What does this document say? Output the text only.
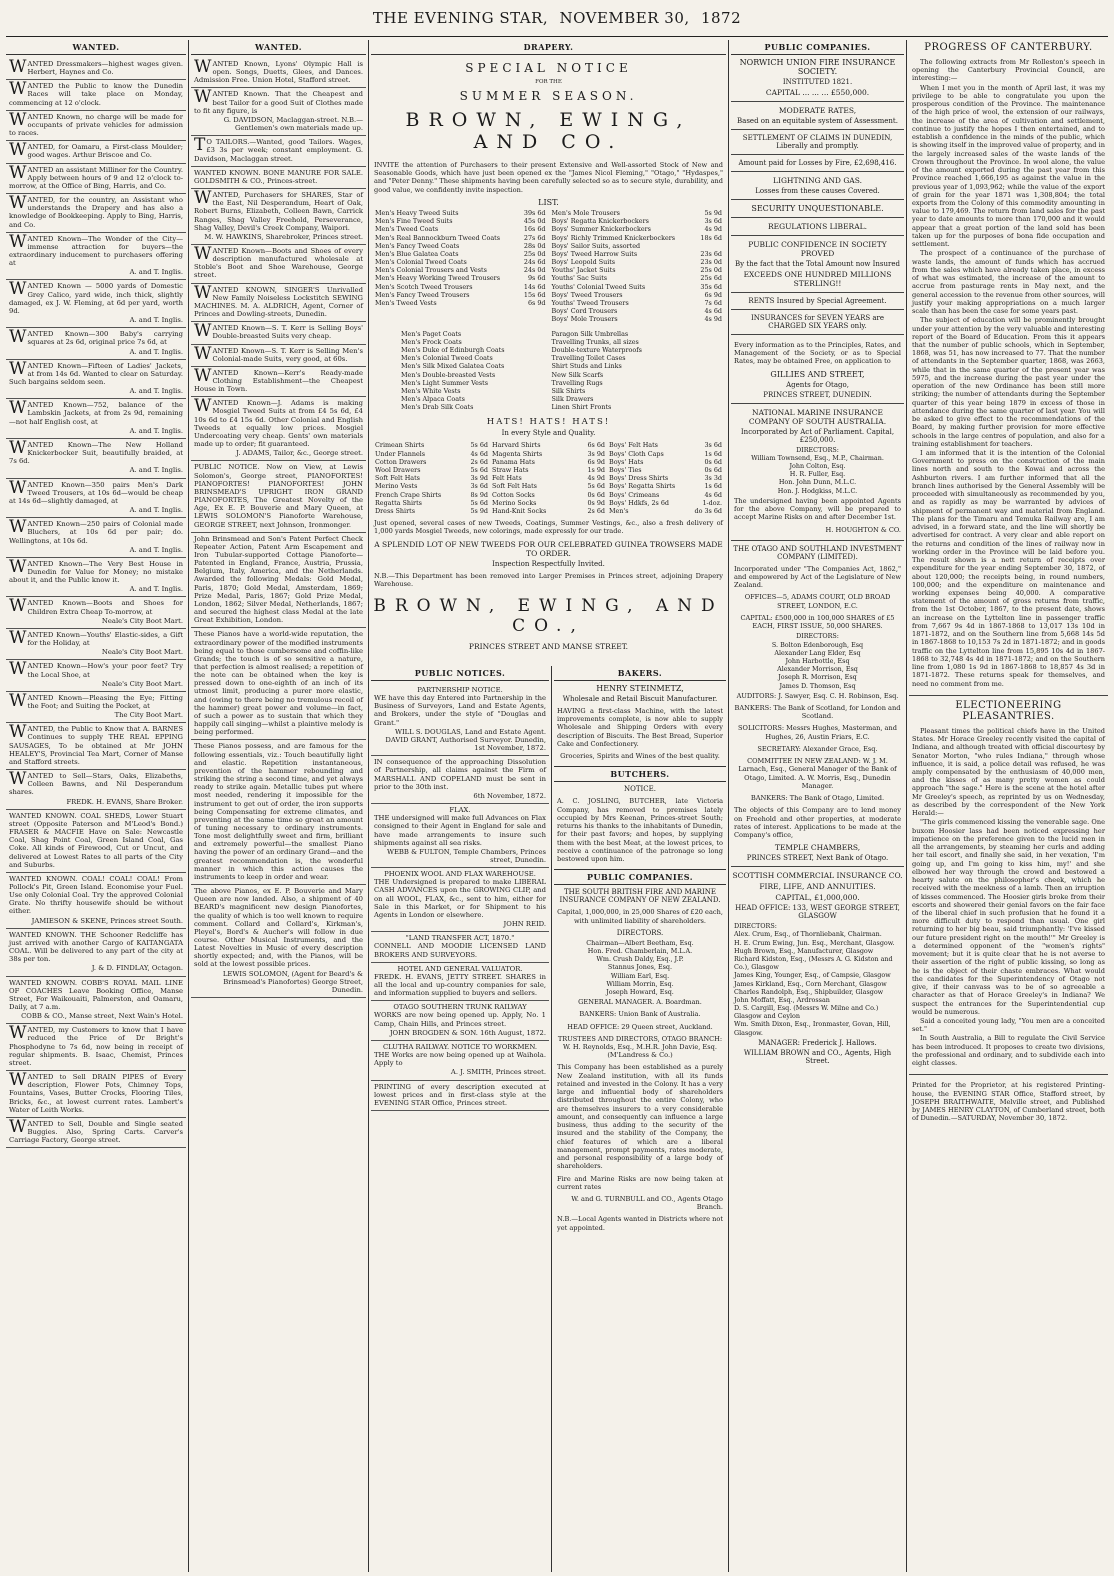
THE EVENING STAR, NOVEMBER 30, 1872
WANTED.
WANTED Dressmakers—highest wages given. Herbert, Haynes and Co.
WANTED the Public to know the Dunedin Races will take place on Monday, commencing at 12 o'clock.
WANTED Known, no charge will be made for occupants of private vehicles for admission to races.
WANTED, for Oamaru, a First-class Moulder; good wages. Arthur Briscoe and Co.
WANTED an assistant Milliner for the Country. Apply between hours of 9 and 12 o'clock to-morrow, at the Office of Bing, Harris, and Co.
WANTED, for the country, an Assistant who understands the Drapery and has also a knowledge of Bookkeeping. Apply to Bing, Harris, and Co.
WANTED Known—The Wonder of the City—immense attraction for buyers—the extraordinary inducement to purchasers offering at
A. and T. Inglis.
WANTED Known — 5000 yards of Domestic Grey Calico, yard wide, inch thick, slightly damaged, ex J. W. Fleming, at 6d per yard, worth 9d.
A. and T. Inglis.
WANTED Known—300 Baby's carrying squares at 2s 6d, original price 7s 6d, at
A. and T. Inglis.
WANTED Known—Fifteen of Ladies' Jackets, at from 14s 6d. Wanted to clear on Saturday. Such bargains seldom seen.
A. and T. Inglis.
WANTED Known—752, balance of the Lambskin Jackets, at from 2s 9d, remaining—not half English cost, at
A. and T. Inglis.
WANTED Known—The New Holland Knickerbocker Suit, beautifully braided, at 7s 6d.
A. and T. Inglis.
WANTED Known—350 pairs Men's Dark Tweed Trousers, at 10s 6d—would be cheap at 14s 6d—slightly damaged, at
A. and T. Inglis.
WANTED Known—250 pairs of Colonial made Bluchers, at 10s 6d per pair; do. Wellingtons, at 10s 6d.
A. and T. Inglis.
WANTED Known—The Very Best House in Dunedin for Value for Money; no mistake about it, and the Public know it.
A. and T. Inglis.
WANTED Known—Boots and Shoes for Children Extra Cheap To-morrow, at
Neale's City Boot Mart.
WANTED Known—Youths' Elastic-sides, a Gift for the Holiday, at
Neale's City Boot Mart.
WANTED Known—How's your poor feet? Try the Local Shoe, at
Neale's City Boot Mart.
WANTED Known—Pleasing the Eye; Fitting the Foot; and Suiting the Pocket, at
The City Boot Mart.
WANTED, the Public to Know that A. BARNES Continues to supply THE REAL EPPING SAUSAGES, To be obtained at Mr JOHN HEALEY'S, Provincial Tea Mart, Corner of Manse and Stafford streets.
WANTED to Sell—Stars, Oaks, Elizabeths, Colleen Bawns, and Nil Desperandum shares.
FREDK. H. EVANS, Share Broker.
WANTED KNOWN. COAL SHEDS, Lower Stuart street (Opposite Paterson and M'Leod's Bond.) FRASER & MACFIE Have on Sale: Newcastle Coal, Shag Point Coal, Green Island Coal, Gas Coke. All kinds of Firewood, Cut or Uncut, and delivered at Lowest Rates to all parts of the City and Suburbs.
WANTED KNOWN. COAL! COAL! COAL! From Pollock's Pit, Green Island. Economise your Fuel. Use only Colonial Coal. Try the approved Colonial Grate. No thrifty housewife should be without either.
JAMIESON & SKENE, Princes street South.
WANTED KNOWN. THE Schooner Redcliffe has just arrived with another Cargo of KAITANGATA COAL. Will be delivered to any part of the city at 38s per ton.
J. & D. FINDLAY, Octagon.
WANTED KNOWN. COBB'S ROYAL MAIL LINE OF COACHES Leave Booking Office, Manse Street, For Waikouaiti, Palmerston, and Oamaru, Daily, at 7 a.m.
COBB & CO., Manse street, Next Wain's Hotel.
WANTED, my Customers to know that I have reduced the Price of Dr Bright's Phosphodyne to 7s 6d, now being in receipt of regular shipments. B. Isaac, Chemist, Princes street.
WANTED to Sell DRAIN PIPES of Every description, Flower Pots, Chimney Tops, Fountains, Vases, Butter Crocks, Flooring Tiles, Bricks, &c., at lowest current rates. Lambert's Water of Leith Works.
WANTED to Sell, Double and Single seated Buggies. Also, Spring Carts. Carver's Carriage Factory, George street.
WANTED.
WANTED Known, Lyons' Olympic Hall is open. Songs, Duetts, Glees, and Dances. Admission Free. Union Hotel, Stafford street.
WANTED Known. That the Cheapest and best Tailor for a good Suit of Clothes made to fit any figure, is
G. DAVIDSON, Maclaggan-street. N.B.—Gentlemen's own materials made up.
T O TAILORS.—Wanted, good Tailors. Wages, £3 3s per week; constant employment. G. Davidson, Maclaggan street.
WANTED KNOWN. BONE MANURE FOR SALE. GOLDSMITH & CO., Princes-street.
WANTED, Purchasers for SHARES, Star of the East, Nil Desperandum, Heart of Oak, Robert Burns, Elizabeth, Colleen Bawn, Carrick Ranges, Shag Valley Freehold, Perseverance, Shag Valley, Devil's Creek Company, Waipori.
M. W. HAWKINS, Sharebroker, Princes street.
WANTED Known—Boots and Shoes of every description manufactured wholesale at Stoble's Boot and Shoe Warehouse, George street.
WANTED KNOWN, SINGER'S Unrivalled New Family Noiseless Lockstitch SEWING MACHINES. M. A. ALDRICH, Agent, Corner of Princes and Dowling-streets, Dunedin.
WANTED Known—S. T. Kerr is Selling Boys' Double-breasted Suits very cheap.
WANTED Known—S. T. Kerr is Selling Men's Colonial-made Suits, very good, at 60s.
WANTED Known—Kerr's Ready-made Clothing Establishment—the Cheapest House in Town.
WANTED Known—J. Adams is making Mosgiel Tweed Suits at from £4 5s 6d, £4 10s 6d to £4 15s 6d. Other Colonial and English Tweeds at equally low prices. Mosgiel Undercoating very cheap. Gents' own materials made up to order; fit guaranteed.
J. ADAMS, Tailor, &c., George street.
PUBLIC NOTICE. Now on View, at Lewis Solomon's, George street, PIANOFORTES! PIANOFORTES! PIANOFORTES! JOHN BRINSMEAD'S UPRIGHT IRON GRAND PIANOFORTES, The Greatest Novelty of the Age, Ex E. P. Bouverie and Mary Queen, at LEWIS SOLOMON'S Pianoforte Warehouse, GEORGE STREET, next Johnson, Ironmonger.
John Brinsmead and Son's Patent Perfect Check Repeater Action, Patent Arm Escapement and Iron Tubular-supported Cottage Pianoforte—Patented in England, France, Austria, Prussia, Belgium, Italy, America, and the Netherlands. Awarded the following Medals: Gold Medal, Paris, 1870; Gold Medal, Amsterdam, 1869; Prize Medal, Paris, 1867; Gold Prize Medal, London, 1862; Silver Medal, Netherlands, 1867; and secured the highest class Medal at the late Great Exhibition, London.
These Pianos have a world-wide reputation, the extraordinary power of the modified instruments being equal to those cumbersome and coffin-like Grands; the touch is of so sensitive a nature, that perfection is almost realised; a repetition of the note can be obtained when the key is pressed down to one-eighth of an inch of its utmost limit, producing a purer more elastic, and (owing to there being no tremulous recoil of the hammer) great power and volume—in fact, of such a power as to sustain that which they happily call singing—whilst a plaintive melody is being performed.
These Pianos possess, and are famous for the following essentials, viz.: Touch beautifully light and elastic. Repetition instantaneous, prevention of the hammer rebounding and striking the string a second time, and yet always ready to strike again. Metallic tubes put where most needed, rendering it impossible for the instrument to get out of order, the iron supports being Compensating for extreme climates, and preventing at the same time so great an amount of tuning necessary to ordinary instruments. Tone most delightfully sweet and firm, brilliant and extremely powerful—the smallest Piano having the power of an ordinary Grand—and the greatest recommendation is, the wonderful manner in which this action causes the instruments to keep in order and wear.
The above Pianos, ex E. P. Bouverie and Mary Queen are now landed. Also, a shipment of 40 BEARD's magnificent new design Pianofortes, the quality of which is too well known to require comment. Collard and Collard's, Kirkman's, Pleyel's, Bord's & Aucher's will follow in due course. Other Musical Instruments, and the Latest Novelties in Music of every description shortly expected; and, with the Pianos, will be sold at the lowest possible prices.
LEWIS SOLOMON, (Agent for Beard's & Brinsmead's Pianofortes) George Street, Dunedin.
DRAPERY.
SPECIAL NOTICE
FOR THE
SUMMER SEASON.
BROWN, EWING, AND CO.
INVITE the attention of Purchasers to their present Extensive and Well-assorted Stock of New and Seasonable Goods, which have just been opened ex the "James Nicol Fleming," "Otago," "Hydaspes," and "Peter Denny." These shipments having been carefully selected so as to secure style, durability, and good value, we confidently invite inspection.
LIST.
Men's Heavy Tweed Suits	39s 6d
Men's Fine Tweed Suits	45s 0d
Men's Tweed Coats	16s 6d
Men's Real Bannockburn Tweed Coats	27s 6d
Men's Fancy Tweed Coats	28s 0d
Men's Blue Galatea Coats	25s 0d
Men's Colonial Tweed Coats	24s 6d
Men's Colonial Trousers and Vests	24s 0d
Men's Heavy Working Tweed Trousers	9s 6d
Men's Scotch Tweed Trousers	14s 6d
Men's Fancy Tweed Trousers	15s 6d
Men's Tweed Vests	6s 9d
Men's Mole Trousers	5s 9d
Boys' Regatta Knickerbockers	3s 6d
Boys' Summer Knickerbockers	4s 9d
Boys' Richly Trimmed Knickerbockers	18s 6d
Boys' Sailor Suits, assorted
Boys' Tweed Harrow Suits	23s 6d
Boys' Leopold Suits	23s 0d
Youths' Jacket Suits	25s 0d
Youths' Sac Suits	25s 6d
Youths' Colonial Tweed Suits	35s 6d
Boys' Tweed Trousers	6s 9d
Youths' Tweed Trousers	7s 6d
Boys' Cord Trousers	4s 6d
Boys' Mole Trousers	4s 9d
Men's Paget Coats
Men's Frock Coats
Men's Duke of Edinburgh Coats
Men's Colonial Tweed Coats
Men's Silk Mixed Galatea Coats
Men's Double-breasted Vests
Men's Light Summer Vests
Men's White Vests
Men's Alpaca Coats
Men's Drab Silk Coats
Paragon Silk Umbrellas
Travelling Trunks, all sizes
Double-texture Waterproofs
Travelling Toilet Cases
Shirt Studs and Links
New Silk Scarfs
Travelling Rugs
Silk Shirts
Silk Drawers
Linen Shirt Fronts
HATS! HATS! HATS!
In every Style and Quality.
Crimean Shirts	5s 6d
Under Flannels	4s 6d
Cotton Drawers	2s 6d
Wool Drawers	5s 6d
Soft Felt Hats	3s 9d
Merino Vests	3s 6d
French Crape Shirts	8s 9d
Regatta Shirts	5s 6d
Dress Shirts	5s 9d
Harvard Shirts	6s 6d
Magenta Shirts	3s 9d
Panama Hats	6s 9d
Straw Hats	1s 9d
Felt Hats	4s 9d
Soft Felt Hats	5s 6d
Cotton Socks	0s 6d
Merino Socks	0s 9d
Hand-Knit Socks	2s 6d
Boys' Felt Hats	3s 6d
Boys' Cloth Caps	1s 6d
Boys' Hats	0s 6d
Boys' Ties	0s 6d
Boys' Dress Shirts	3s 3d
Boys' Regatta Shirts	1s 6d
Boys' Crimeans	4s 6d
Boys' Hdkfs, 2s 6d	1-doz.
Men's	do 3s 6d
Just opened, several cases of new Tweeds, Coatings, Summer Vestings, &c., also a fresh delivery of 1,000 yards Mosgiel Tweeds, new colorings, made expressly for our trade.
A SPLENDID LOT OF NEW TWEEDS FOR OUR CELEBRATED GUINEA TROWSERS MADE TO ORDER.
Inspection Respectfully Invited.
N.B.—This Department has been removed into Larger Premises in Princes street, adjoining Drapery Warehouse.
BROWN, EWING, AND CO.,
PRINCES STREET AND MANSE STREET.
PUBLIC NOTICES.
PARTNERSHIP NOTICE.
WE have this day Entered into Partnership in the Business of Surveyors, Land and Estate Agents, and Brokers, under the style of "Douglas and Grant."
WILL S. DOUGLAS, Land and Estate Agent. DAVID GRANT, Authorised Surveyor. Dunedin, 1st November, 1872.
IN consequence of the approaching Dissolution of Partnership, all claims against the Firm of MARSHALL AND COPELAND must be sent in prior to the 30th inst.
6th November, 1872.
FLAX.
THE undersigned will make full Advances on Flax consigned to their Agent in England for sale and have made arrangements to insure such shipments against all sea risks.
WEBB & FULTON, Temple Chambers, Princes street, Dunedin.
PHOENIX WOOL AND FLAX WAREHOUSE.
THE Undersigned is prepared to make LIBERAL CASH ADVANCES upon the GROWING CLIP, and on all WOOL, FLAX, &c., sent to him, either for Sale in this Market, or for Shipment to his Agents in London or elsewhere.
JOHN REID.
"LAND TRANSFER ACT, 1870."
CONNELL AND MOODIE LICENSED LAND BROKERS AND SURVEYORS.
HOTEL AND GENERAL VALUATOR.
FREDK. H. EVANS, JETTY STREET. SHARES in all the local and up-country companies for sale, and information supplied to buyers and sellers.
OTAGO SOUTHERN TRUNK RAILWAY
WORKS are now being opened up. Apply, No. 1 Camp, Chain Hills, and Princes street.
JOHN BROGDEN & SON. 16th August, 1872.
CLUTHA RAILWAY. NOTICE TO WORKMEN.
THE Works are now being opened up at Waihola. Apply to
A. J. SMITH, Princes street.
PRINTING of every description executed at lowest prices and in first-class style at the EVENING STAR Office, Princes street.
BAKERS.
HENRY STEINMETZ,
Wholesale and Retail Biscuit Manufacturer.
HAVING a first-class Machine, with the latest improvements complete, is now able to supply Wholesale and Shipping Orders with every description of Biscuits. The Best Bread, Superior Cake and Confectionery.
Groceries, Spirits and Wines of the best quality.
BUTCHERS.
NOTICE.
A. C. JOSLING, BUTCHER, late Victoria Company, has removed to premises lately occupied by Mrs Keenan, Princes-street South; returns his thanks to the inhabitants of Dunedin, for their past favors; and hopes, by supplying them with the best Meat, at the lowest prices, to receive a continuance of the patronage so long bestowed upon him.
PUBLIC COMPANIES.
THE SOUTH BRITISH FIRE AND MARINE INSURANCE COMPANY OF NEW ZEALAND.
Capital, 1,000,000, in 25,000 Shares of £20 each, with unlimited liability of shareholders.
DIRECTORS.
Chairman—Albert Beetham, Esq.
Hon. Fred. Chamberlain, M.L.A.
Wm. Crush Daldy, Esq., J.P.
Stannus Jones, Esq.
William Earl, Esq.
William Morrin, Esq.
Joseph Howard, Esq.
GENERAL MANAGER. A. Boardman.
BANKERS: Union Bank of Australia.
HEAD OFFICE: 29 Queen street, Auckland.
TRUSTEES AND DIRECTORS, OTAGO BRANCH: W. H. Reynolds, Esq., M.H.R. John Davie, Esq. (M'Landress & Co.)
This Company has been established as a purely New Zealand institution, with all its funds retained and invested in the Colony. It has a very large and influential body of shareholders distributed throughout the entire Colony, who are themselves insurers to a very considerable amount, and consequently can influence a large business, thus adding to the security of the insured and the stability of the Company, the chief features of which are a liberal management, prompt payments, rates moderate, and personal responsibility of a large body of shareholders.
Fire and Marine Risks are now being taken at current rates
W. and G. TURNBULL and CO., Agents Otago Branch.
N.B.—Local Agents wanted in Districts where not yet appointed.
PUBLIC COMPANIES.
NORWICH UNION FIRE INSURANCE SOCIETY.
INSTITUTED 1821.
CAPITAL ... ... ... £550,000.
MODERATE RATES,
Based on an equitable system of Assessment.
SETTLEMENT OF CLAIMS IN DUNEDIN, Liberally and promptly.
Amount paid for Losses by Fire, £2,698,416.
LIGHTNING AND GAS.
Losses from these causes Covered.
SECURITY UNQUESTIONABLE.
REGULATIONS LIBERAL.
PUBLIC CONFIDENCE IN SOCIETY PROVED
By the fact that the Total Amount now Insured
EXCEEDS ONE HUNDRED MILLIONS STERLING!!
RENTS Insured by Special Agreement.
INSURANCES for SEVEN YEARS are CHARGED SIX YEARS only.
Every information as to the Principles, Rates, and Management of the Society, or as to Special Rates, may be obtained Free, on application to
GILLIES AND STREET,
Agents for Otago,
PRINCES STREET, DUNEDIN.
NATIONAL MARINE INSURANCE COMPANY OF SOUTH AUSTRALIA.
Incorporated by Act of Parliament. Capital, £250,000.
DIRECTORS:
William Townsend, Esq., M.P., Chairman.
John Colton, Esq.
H. R. Fuller, Esq.
Hon. John Dunn, M.L.C.
Hon. J. Hodgkiss, M.L.C.
The undersigned having been appointed Agents for the above Company, will be prepared to accept Marine Risks on and after December 1st.
H. HOUGHTON & CO.
THE OTAGO AND SOUTHLAND INVESTMENT COMPANY (LIMITED).
Incorporated under "The Companies Act, 1862," and empowered by Act of the Legislature of New Zealand.
OFFICES—5, ADAMS COURT, OLD BROAD STREET, LONDON, E.C.
CAPITAL: £500,000 in 100,000 SHARES of £5 EACH, FIRST ISSUE, 50,000 SHARES.
DIRECTORS:
S. Bolton Edenborough, Esq
Alexander Lang Elder, Esq
John Harbottle, Esq
Alexander Morrison, Esq
Joseph R. Morrison, Esq
James D. Thomson, Esq
AUDITORS: J. Sawyer, Esq. C. H. Robinson, Esq.
BANKERS: The Bank of Scotland, for London and Scotland.
SOLICITORS: Messrs Hughes, Masterman, and Hughes, 26, Austin Friars, E.C.
SECRETARY: Alexander Grace, Esq.
COMMITTEE IN NEW ZEALAND: W. J. M. Larnach, Esq., General Manager of the Bank of Otago, Limited. A. W. Morris, Esq., Dunedin Manager.
BANKERS: The Bank of Otago, Limited.
The objects of this Company are to lend money on Freehold and other properties, at moderate rates of interest. Applications to be made at the Company's office,
TEMPLE CHAMBERS,
PRINCES STREET, Next Bank of Otago.
SCOTTISH COMMERCIAL INSURANCE CO.
FIRE, LIFE, AND ANNUITIES.
CAPITAL, £1,000,000.
HEAD OFFICE: 133, WEST GEORGE STREET, GLASGOW
DIRECTORS:
Alex. Crum, Esq., of Thornliebank, Chairman.
H. E. Crum Ewing, Jun. Esq., Merchant, Glasgow.
Hugh Brown, Esq., Manufacturer, Glasgow
Richard Kidston, Esq., (Messrs A. G. Kidston and Co.), Glasgow
James King, Younger, Esq., of Campsie, Glasgow
James Kirkland, Esq., Corn Merchant, Glasgow
Charles Randolph, Esq., Shipbuilder, Glasgow
John Moffatt, Esq., Ardrossan
D. S. Cargill, Esq. (Messrs W. Milne and Co.) Glasgow and Ceylon
Wm. Smith Dixon, Esq., Ironmaster, Govan, Hill, Glasgow.
MANAGER: Frederick J. Hallows.
WILLIAM BROWN and CO., Agents, High Street.
PROGRESS OF CANTERBURY.

The following extracts from Mr Rolleston's speech in opening the Canterbury Provincial Council, are interesting:—

When I met you in the month of April last, it was my privilege to be able to congratulate you upon the prosperous condition of the Province. The maintenance of the high price of wool, the extension of our railways, the increase of the area of cultivation and settlement, continue to justify the hopes I then entertained, and to establish a confidence in the minds of the public, which is showing itself in the improved value of property, and in the largely increased sales of the waste lands of the Crown throughout the Province. In wool alone, the value of the amount exported during the past year from this Province reached 1,666,195 as against the value in the previous year of 1,093,962; while the value of the export of grain for the year 1871 was 1,308,804; the total exports from the Colony of this commodity amounting in value to 179,469. The return from land sales for the past year to date amounts to more than 170,000 and it would appear that a great portion of the land sold has been taken up for the purposes of bona fide occupation and settlement.

The prospect of a continuance of the purchase of waste lands, the amount of funds which has accrued from the sales which have already taken place, in excess of what was estimated, the increase of the amount to accrue from pasturage rents in May next, and the general accession to the revenue from other sources, will justify your making appropriations on a much larger scale than has been the case for some years past.

The subject of education will be prominently brought under your attention by the very valuable and interesting report of the Board of Education. From this it appears that the number of public schools, which in September, 1868, was 51, has now increased to 77. That the number of attendants in the September quarter, 1868, was 2663, while that in the same quarter of the present year was 5975, and the increase during the past year under the operation of the new Ordinance has been still more striking; the number of attendants during the September quarter of this year being 1879 in excess of those in attendance during the same quarter of last year. You will be asked to give effect to the recommendations of the Board, by making further provision for more effective schools in the large centres of population, and also for a training establishment for teachers.

I am informed that it is the intention of the Colonial Government to press on the construction of the main lines north and south to the Kowai and across the Ashburton rivers. I am further informed that all the branch lines authorised by the General Assembly will be proceeded with simultaneously as recommended by you, and as rapidly as may be warranted by advices of shipment of permanent way and material from England. The plans for the Timaru and Temuka Railway are, I am advised, in a forward state, and the line will shortly be advertised for contract. A very clear and able report on the returns and condition of the lines of railway now in working order in the Province will be laid before you. The result shown is a nett return of receipts over expenditure for the year ending September 30, 1872, of about 120,000; the receipts being, in round numbers, 100,000; and the expenditure on maintenance and working expenses being 40,000. A comparative statement of the amount of gross returns from traffic, from the 1st October, 1867, to the present date, shows an increase on the Lyttelton line in passenger traffic from 7,667 9s 4d in 1867-1868 to 13,017 13s 10d in 1871-1872, and on the Southern line from 5,668 14s 5d in 1867-1868 to 10,153 7s 2d in 1871-1872; and in goods traffic on the Lyttelton line from 15,895 10s 4d in 1867-1868 to 32,748 4s 4d in 1871-1872; and on the Southern line from 1,080 1s 9d in 1867-1868 to 18,857 4s 3d in 1871-1872. These returns speak for themselves, and need no comment from me.

ELECTIONEERING PLEASANTRIES.

Pleasant times the political chiefs have in the United States. Mr Horace Greeley recently visited the capital of Indiana, and although treated with official discourtesy by Senator Morton, "who rules Indiana," through whose influence, it is said, a police detail was refused, he was amply compensated by the enthusiasm of 40,000 men, and the kisses of as many pretty women as could approach "the sage." Here is the scene at the hotel after Mr Greeley's speech, as reprinted by us on Wednesday, as described by the correspondent of the New York Herald:—

"The girls commenced kissing the venerable sage. One buxom Hoosier lass had been noticed expressing her impatience on the preference given to the lucid men in all the arrangements, by steaming her curls and adding her tail escort, and finally she said, in her vexation, 'I'm going up, and I'm going to kiss him, my!' and she elbowed her way through the crowd and bestowed a hearty salute on the philosopher's cheek, which he received with the meekness of a lamb. Then an irruption of kisses commenced. The Hoosier girls broke from their escorts and showered their genial favors on the fair face of the liberal chief in such profusion that he found it a more difficult duty to respond than usual. One girl returning to her big beau, said triumphantly: 'I've kissed our future president right on the mouth!'" Mr Greeley is a determined opponent of the "women's rights" movement; but it is quite clear that he is not averse to their assertion of the right of public kissing, so long as he is the object of their chaste embraces. What would the candidates for the Superintendency of Otago not give, if their canvass was to be of so agreeable a character as that of Horace Greeley's in Indiana? We suspect the entrances for the Superintendential cup would be numerous.

Said a conceited young lady, "You men are a conceited set."

In South Australia, a Bill to regulate the Civil Service has been introduced. It proposes to create two divisions, the professional and ordinary, and to subdivide each into eight classes.

Printed for the Proprietor, at his registered Printing-house, the EVENING STAR Office, Stafford street, by JOSEPH BRAITHWAITE, Melville street, and Published by JAMES HENRY CLAYTON, of Cumberland street, both of Dunedin.—SATURDAY, November 30, 1872.
